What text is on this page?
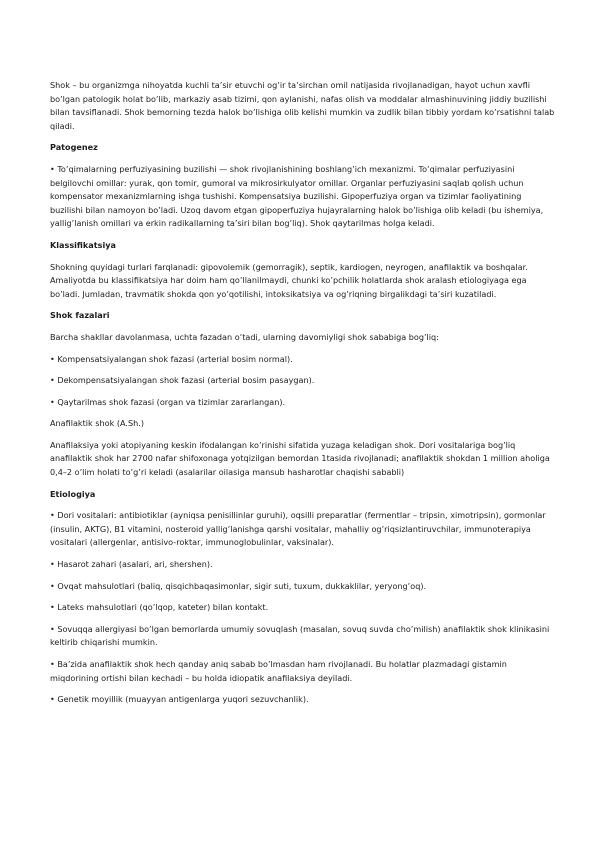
Shok – bu organizmga nihoyatda kuchli ta’sir etuvchi og’ir ta’sirchan omil natijasida rivojlanadigan, hayot uchun xavfli bo’lgan patologik holat bo’lib, markaziy asab tizimi, qon aylanishi, nafas olish va moddalar almashinuvining jiddiy buzilishi bilan tavsiflanadi. Shok bemorning tezda halok bo’lishiga olib kelishi mumkin va zudlik bilan tibbiy yordam ko’rsatishni talab qiladi.

Patogenez

• To’qimalarning perfuziyasining buzilishi — shok rivojlanishining boshlang’ich mexanizmi. To’qimalar perfuziyasini belgilovchi omillar: yurak, qon tomir, gumoral va mikrosirkulyator omillar. Organlar perfuziyasini saqlab qolish uchun kompensator mexanizmlarning ishga tushishi. Kompensatsiya buzilishi. Gipoperfuziya organ va tizimlar faoliyatining buzilishi bilan namoyon bo’ladi. Uzoq davom etgan gipoperfuziya hujayralarning halok bo’lishiga olib keladi (bu ishemiya, yallig’lanish omillari va erkin radikallarning ta’siri bilan bog’liq). Shok qaytarilmas holga keladi.

Klassifikatsiya

Shokning quyidagi turlari farqlanadi: gipovolemik (gemorragik), septik, kardiogen, neyrogen, anafilaktik va boshqalar. Amaliyotda bu klassifikatsiya har doim ham qo’llanilmaydi, chunki ko’pchilik holatlarda shok aralash etiologiyaga ega bo’ladi. Jumladan, travmatik shokda qon yo’qotilishi, intoksikatsiya va og’riqning birgalikdagi ta’siri kuzatiladi.

Shok fazalari

Barcha shakllar davolanmasa, uchta fazadan o’tadi, ularning davomiyligi shok sababiga bog’liq:

• Kompensatsiyalangan shok fazasi (arterial bosim normal).

• Dekompensatsiyalangan shok fazasi (arterial bosim pasaygan).

• Qaytarilmas shok fazasi (organ va tizimlar zararlangan).

Anafilaktik shok (A.Sh.)

Anafilaksiya yoki atopiyaning keskin ifodalangan ko’rinishi sifatida yuzaga keladigan shok. Dori vositalariga bog’liq anafilaktik shok har 2700 nafar shifoxonaga yotqizilgan bemordan 1tasida rivojlanadi; anafilaktik shokdan 1 million aholiga 0,4–2 o’lim holati to’g’ri keladi (asalarilar oilasiga mansub hasharotlar chaqishi sababli)

Etiologiya

• Dori vositalari: antibiotiklar (ayniqsa penisillinlar guruhi), oqsilli preparatlar (fermentlar – tripsin, ximotripsin), gormonlar (insulin, AKTG), B1 vitamini, nosteroid yallig’lanishga qarshi vositalar, mahalliy og’riqsizlantiruvchilar, immunoterapiya vositalari (allergenlar, antisivo-roktar, immunoglobulinlar, vaksinalar).

• Hasarot zahari (asalari, ari, shershen).

• Ovqat mahsulotlari (baliq, qisqichbaqasimonlar, sigir suti, tuxum, dukkaklilar, yeryong’oq).

• Lateks mahsulotlari (qo’lqop, kateter) bilan kontakt.

• Sovuqqa allergiyasi bo’lgan bemorlarda umumiy sovuqlash (masalan, sovuq suvda cho’milish) anafilaktik shok klinikasini keltirib chiqarishi mumkin.

• Ba’zida anafilaktik shok hech qanday aniq sabab bo’lmasdan ham rivojlanadi. Bu holatlar plazmadagi gistamin miqdorining ortishi bilan kechadi – bu holda idiopatik anafilaksiya deyiladi.

• Genetik moyillik (muayyan antigenlarga yuqori sezuvchanlik).
